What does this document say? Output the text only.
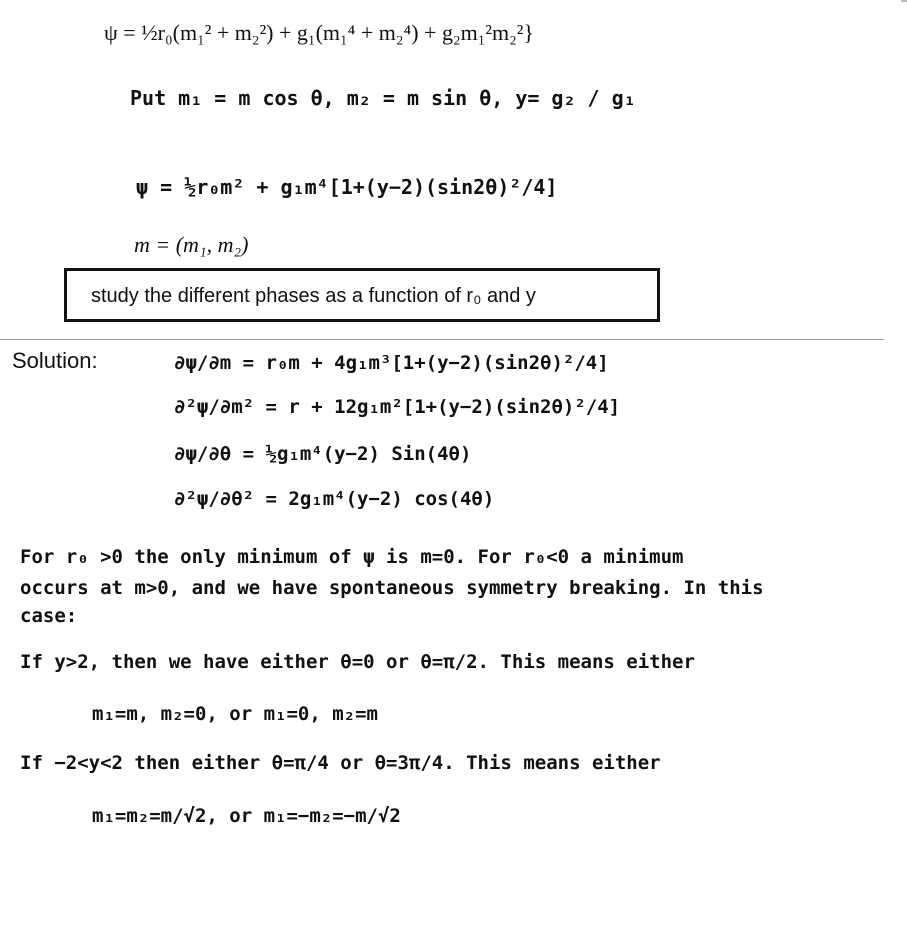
ψ = ½r₀(m₁² + m₂²) + g₁(m₁⁴ + m₂⁴) + g₂m₁²m₂²}
Put m₁ = m cos θ, m₂ = m sin θ, y= g₂ / g₁
ψ = ½r₀m² + g₁m⁴[1+(y−2)(sin2θ)²/4]
m = (m₁, m₂)
study the different phases as a function of r₀ and y
Solution:	∂ψ/∂m = r₀m + 4g₁m³[1+(y−2)(sin2θ)²/4]
∂²ψ/∂m² = r + 12g₁m²[1+(y−2)(sin2θ)²/4]
∂ψ/∂θ = ½g₁m⁴(y−2) Sin(4θ)
∂²ψ/∂θ² = 2g₁m⁴(y−2) cos(4θ)
For r₀ >0 the only minimum of ψ is m=0. For r₀<0 a minimum
occurs at m>0, and we have spontaneous symmetry breaking. In this
case:
If y>2, then we have either θ=0 or θ=π/2. This means either
m₁=m, m₂=0, or m₁=0, m₂=m
If −2<y<2 then either θ=π/4 or θ=3π/4. This means either
m₁=m₂=m/√2, or m₁=−m₂=−m/√2
